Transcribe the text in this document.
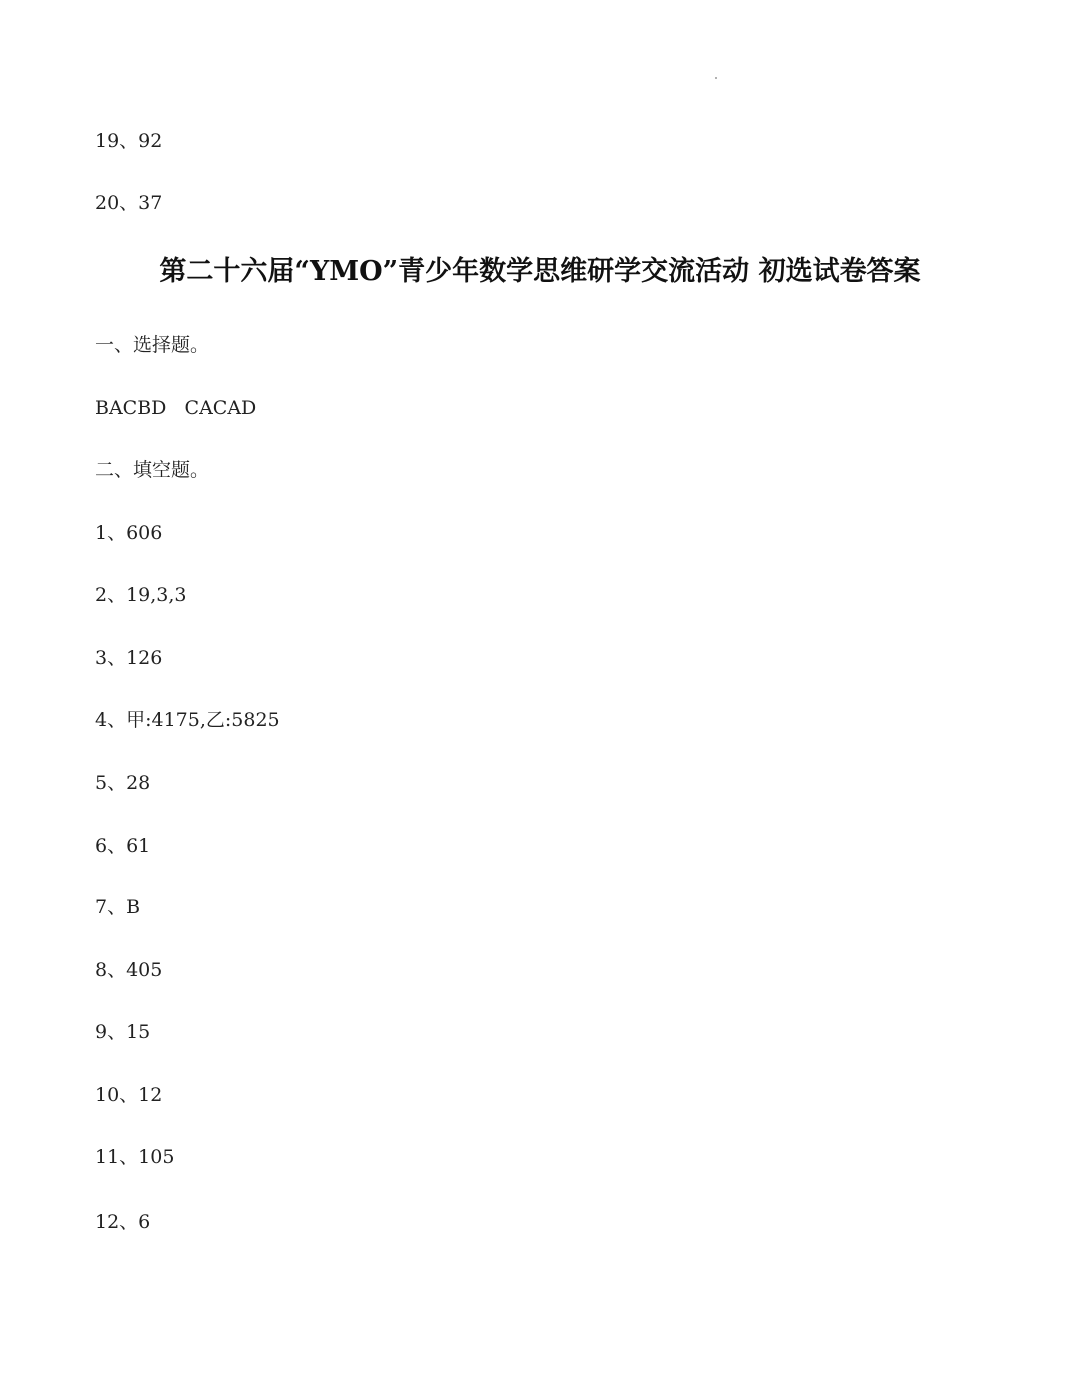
19、92
20、37
第二十六届“YMO”青少年数学思维研学交流活动 初选试卷答案
一、选择题。
BACBD   CACAD
二、填空题。
1、606
2、19,3,3
3、126
4、甲:4175,乙:5825
5、28
6、61
7、B
8、405
9、15
10、12
11、105
12、6
